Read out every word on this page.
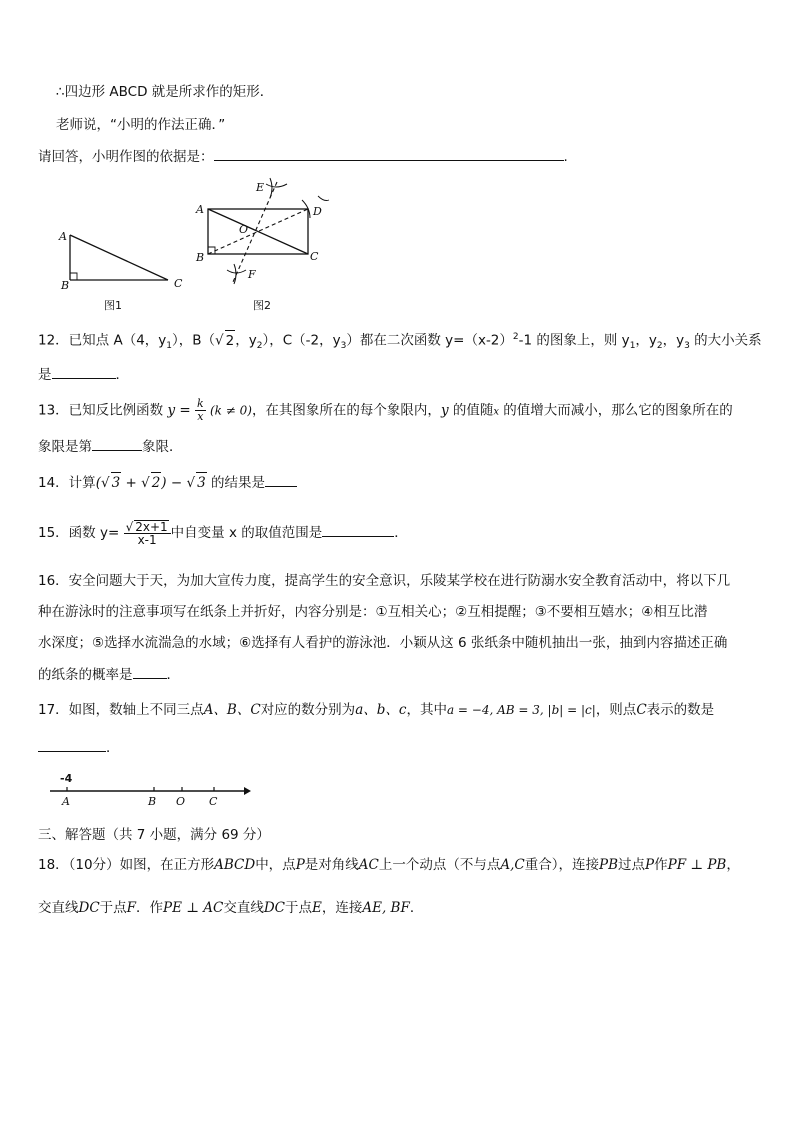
∴四边形 ABCD 就是所求作的矩形．
老师说，“小明的作法正确．”
请回答，小明作图的依据是：	.
A
B	C
图1
A
B	C
D
E
F
O
图2
12．已知点 A（4，$y_1$），B（√ 2，$y_2$），C（-2，$y_3$）都在二次函数 $y=(x-2)^2-1$ 的图象上，则 $y_1$，$y_2$，$y_3$ 的大小关系
是	．
13．已知反比例函数 $y = \frac{k}{x} (k \ne 0)$，在其图象所在的每个象限内，y 的值随x 的值增大而减小，那么它的图象所在的
象限是第	象限．
14．计算(√ 3 + √ 2) − √ 3 的结果是
15．函数 $y= \frac{√ 2x+1}{x-1}$ 中自变量 x 的取值范围是	．
16．安全问题大于天，为加大宣传力度，提高学生的安全意识，乐陵某学校在进行防溺水安全教育活动中，将以下几
种在游泳时的注意事项写在纸条上并折好，内容分别是：①互相关心；②互相提醒；③不要相互嬉水；④相互比潜
水深度；⑤选择水流湍急的水域；⑥选择有人看护的游泳池．小颖从这 6 张纸条中随机抽出一张，抽到内容描述正确
的纸条的概率是	．
17．如图，数轴上不同三点A、B、C对应的数分别为a、b、c，其中a = −4, AB = 3, |b| = |c|，则点C表示的数是
．
-4
A	B O C
三、解答题（共 7 小题，满分 69 分）
18．（10分）如图，在正方形ABCD中，点P是对角线AC上一个动点（不与点A,C重合），连接PB过点P作PF ⊥ PB，
交直线DC于点F．作PE ⊥ AC交直线DC于点E，连接AE, BF．
